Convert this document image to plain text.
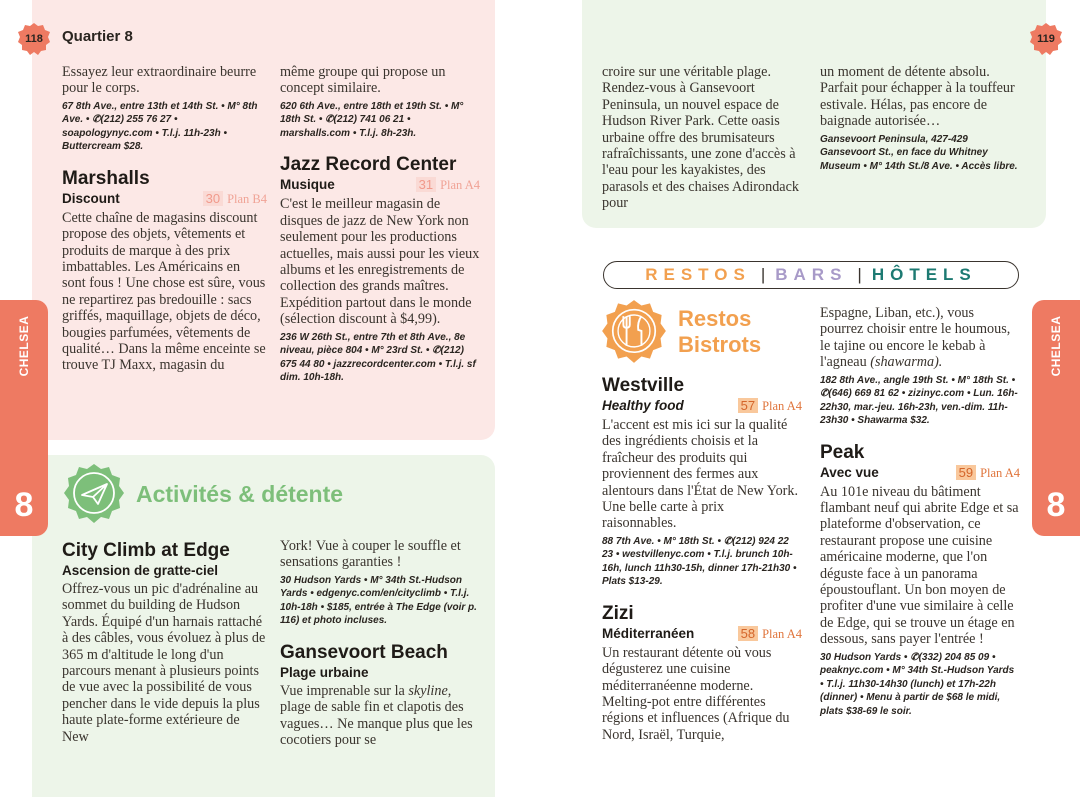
118 Quartier 8
CHELSEA
8
Essayez leur extraordinaire beurre pour le corps.
67 8th Ave., entre 13th et 14th St. • M° 8th Ave. • ✆(212) 255 76 27 • soapologynyc.com • T.l.j. 11h-23h • Buttercream $28.
Marshalls
Discount	30 Plan B4
Cette chaîne de magasins discount propose des objets, vêtements et produits de marque à des prix imbattables. Les Américains en sont fous ! Une chose est sûre, vous ne repartirez pas bredouille : sacs griffés, maquillage, objets de déco, bougies parfumées, vêtements de qualité… Dans la même enceinte se trouve TJ Maxx, magasin du
même groupe qui propose un concept similaire.
620 6th Ave., entre 18th et 19th St. • M° 18th St. • ✆(212) 741 06 21 • marshalls.com • T.l.j. 8h-23h.
Jazz Record Center
Musique	31 Plan A4
C'est le meilleur magasin de disques de jazz de New York non seulement pour les productions actuelles, mais aussi pour les vieux albums et les enregistrements de collection des grands maîtres. Expédition partout dans le monde (sélection discount à $4,99).
236 W 26th St., entre 7th et 8th Ave., 8e niveau, pièce 804 • M° 23rd St. • ✆(212) 675 44 80 • jazzrecordcenter.com • T.l.j. sf dim. 10h-18h.
Activités & détente
City Climb at Edge
Ascension de gratte-ciel
Offrez-vous un pic d'adrénaline au sommet du building de Hudson Yards. Équipé d'un harnais rattaché à des câbles, vous évoluez à plus de 365 m d'altitude le long d'un parcours menant à plusieurs points de vue avec la possibilité de vous pencher dans le vide depuis la plus haute plate-forme extérieure de New
York! Vue à couper le souffle et sensations garanties !
30 Hudson Yards • M° 34th St.-Hudson Yards • edgenyc.com/en/cityclimb • T.l.j. 10h-18h • $185, entrée à The Edge (voir p. 116) et photo incluses.
Gansevoort Beach
Plage urbaine
Vue imprenable sur la skyline, plage de sable fin et clapotis des vagues… Ne manque plus que les cocotiers pour se
119
CHELSEA
8
croire sur une véritable plage. Rendez-vous à Gansevoort Peninsula, un nouvel espace de Hudson River Park. Cette oasis urbaine offre des brumisateurs rafraîchissants, une zone d'accès à l'eau pour les kayakistes, des parasols et des chaises Adirondack pour
un moment de détente absolu. Parfait pour échapper à la touffeur estivale. Hélas, pas encore de baignade autorisée…
Gansevoort Peninsula, 427-429 Gansevoort St., en face du Whitney Museum • M° 14th St./8 Ave. • Accès libre.
RESTOS | BARS | HÔTELS
Restos
Bistrots
Westville
Healthy food	57 Plan A4
L'accent est mis ici sur la qualité des ingrédients choisis et la fraîcheur des produits qui proviennent des fermes aux alentours dans l'État de New York. Une belle carte à prix raisonnables.
88 7th Ave. • M° 18th St. • ✆(212) 924 22 23 • westvillenyc.com • T.l.j. brunch 10h-16h, lunch 11h30-15h, dinner 17h-21h30 • Plats $13-29.
Zizi
Méditerranéen	58 Plan A4
Un restaurant détente où vous dégusterez une cuisine méditerranéenne moderne. Melting-pot entre différentes régions et influences (Afrique du Nord, Israël, Turquie,
Espagne, Liban, etc.), vous pourrez choisir entre le houmous, le tajine ou encore le kebab à l'agneau (shawarma).
182 8th Ave., angle 19th St. • M° 18th St. • ✆(646) 669 81 62 • zizinyc.com • Lun. 16h-22h30, mar.-jeu. 16h-23h, ven.-dim. 11h-23h30 • Shawarma $32.
Peak
Avec vue	59 Plan A4
Au 101e niveau du bâtiment flambant neuf qui abrite Edge et sa plateforme d'observation, ce restaurant propose une cuisine américaine moderne, que l'on déguste face à un panorama époustouflant. Un bon moyen de profiter d'une vue similaire à celle de Edge, qui se trouve un étage en dessous, sans payer l'entrée !
30 Hudson Yards • ✆(332) 204 85 09 • peaknyc.com • M° 34th St.-Hudson Yards • T.l.j. 11h30-14h30 (lunch) et 17h-22h (dinner) • Menu à partir de $68 le midi, plats $38-69 le soir.
